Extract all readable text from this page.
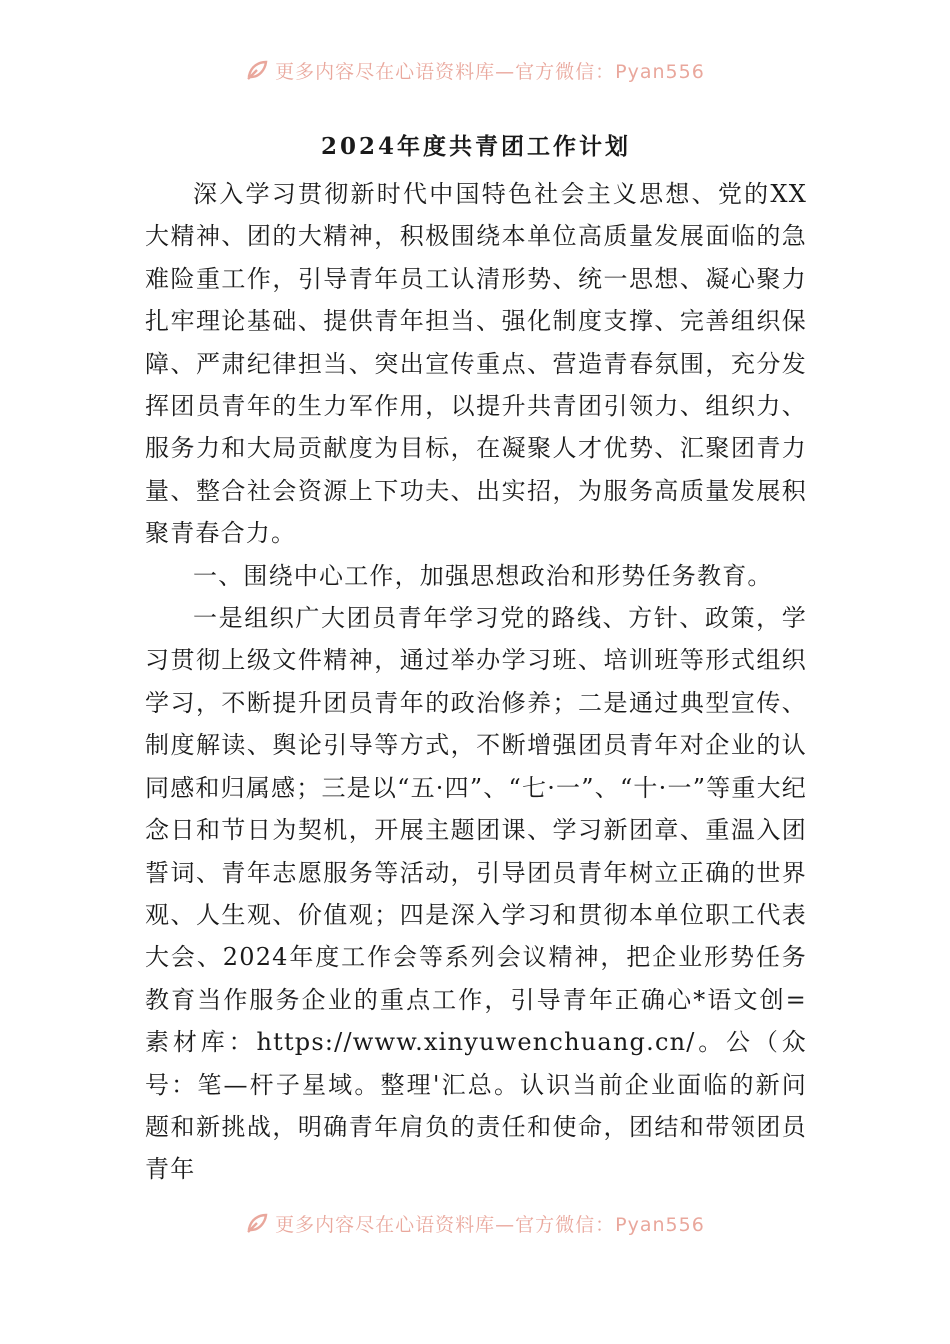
更多内容尽在心语资料库—官方微信：Pyan556
2024年度共青团工作计划

深入学习贯彻新时代中国特色社会主义思想、党的XX大精神、团的大精神，积极围绕本单位高质量发展面临的急难险重工作，引导青年员工认清形势、统一思想、凝心聚力扎牢理论基础、提供青年担当、强化制度支撑、完善组织保障、严肃纪律担当、突出宣传重点、营造青春氛围，充分发挥团员青年的生力军作用，以提升共青团引领力、组织力、服务力和大局贡献度为目标，在凝聚人才优势、汇聚团青力量、整合社会资源上下功夫、出实招，为服务高质量发展积聚青春合力。

一、围绕中心工作，加强思想政治和形势任务教育。

一是组织广大团员青年学习党的路线、方针、政策，学习贯彻上级文件精神，通过举办学习班、培训班等形式组织学习，不断提升团员青年的政治修养；二是通过典型宣传、制度解读、舆论引导等方式，不断增强团员青年对企业的认同感和归属感；三是以“五·四”、“七·一”、“十·一”等重大纪念日和节日为契机，开展主题团课、学习新团章、重温入团誓词、青年志愿服务等活动，引导团员青年树立正确的世界观、人生观、价值观；四是深入学习和贯彻本单位职工代表大会、2024年度工作会等系列会议精神，把企业形势任务教育当作服务企业的重点工作，引导青年正确心*语文创=素材库：https://www.xinyuwenchuang.cn/。公（众号：笔—杆子星域。整理'汇总。认识当前企业面临的新问题和新挑战，明确青年肩负的责任和使命，团结和带领团员青年

更多内容尽在心语资料库—官方微信：Pyan556
